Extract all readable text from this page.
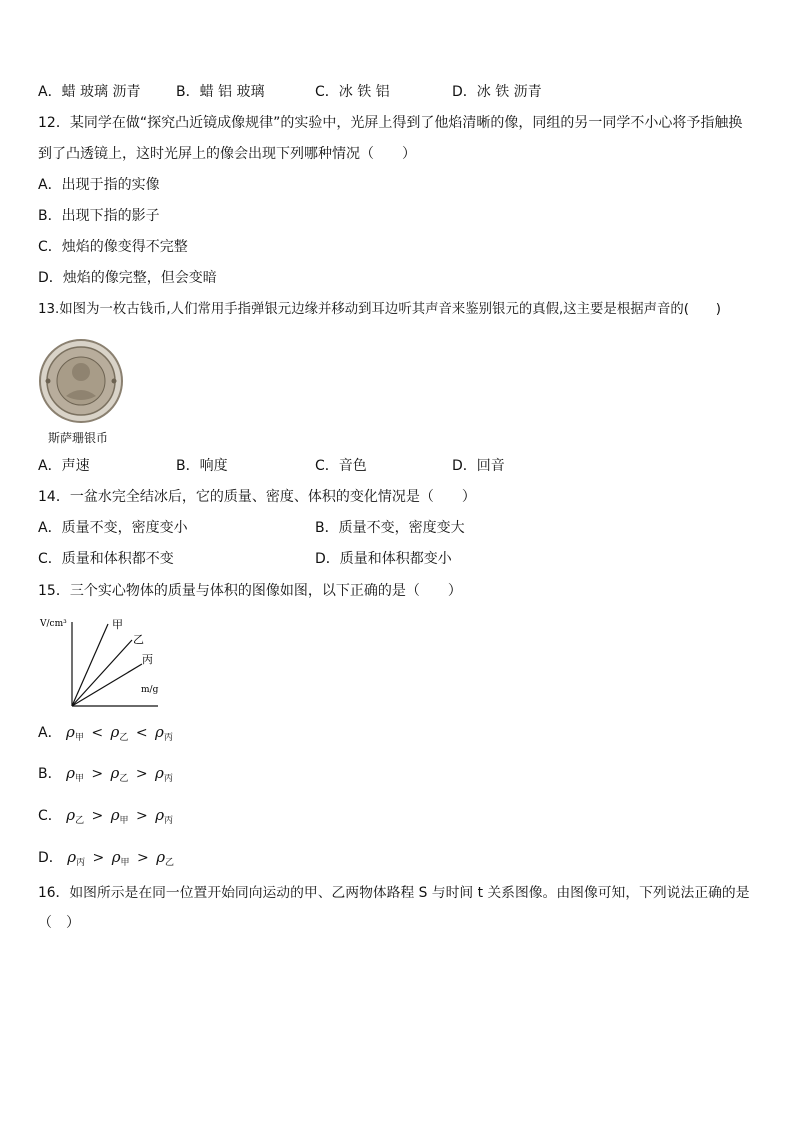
A．蜡 玻璃 沥青	B．蜡 铝 玻璃	C．冰 铁 铝	D．冰 铁 沥青
12．某同学在做“探究凸近镜成像规律”的实验中，光屏上得到了他焰清晰的像，同组的另一同学不小心将予指触换
到了凸透镜上，这时光屏上的像会出现下列哪种情况（　　）
A．出现于指的实像
B．出现下指的影子
C．烛焰的像变得不完整
D．烛焰的像完整，但会变暗
13.如图为一枚古钱币,人们常用手指弹银元边缘并移动到耳边听其声音来鉴别银元的真假,这主要是根据声音的(　　)
斯萨珊银币
A．声速	B．响度	C．音色	D．回音
14．一盆水完全结冰后，它的质量、密度、体积的变化情况是（　　）
A．质量不变，密度变小	B．质量不变，密度变大
C．质量和体积都不变	D．质量和体积都变小
15．三个实心物体的质量与体积的图像如图，以下正确的是（　　）
V/cm³
m/g
甲
乙
丙
A． $\rho_甲 < \rho_乙 < \rho_丙$
B． $\rho_甲 > \rho_乙 > \rho_丙$
C． $\rho_乙 > \rho_甲 > \rho_丙$
D． $\rho_丙 > \rho_甲 > \rho_乙$
16．如图所示是在同一位置开始同向运动的甲、乙两物体路程 S 与时间 t 关系图像。由图像可知，下列说法正确的是
（　）
